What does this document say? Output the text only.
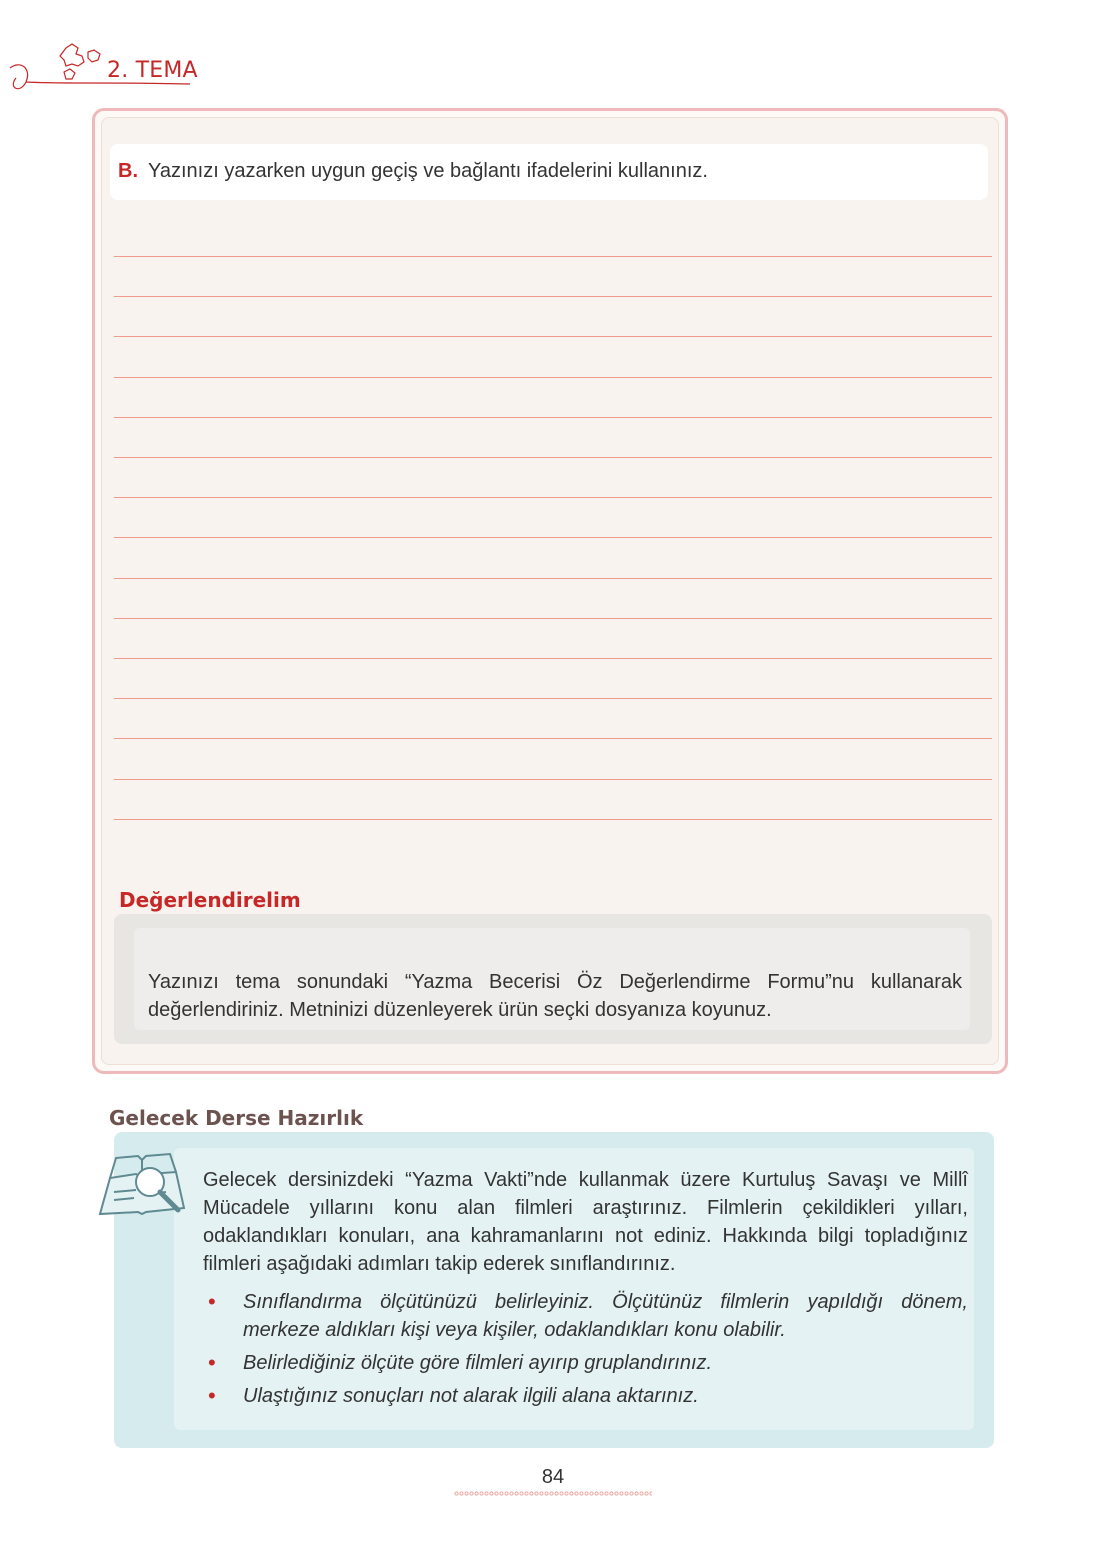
2. TEMA
B. Yazınızı yazarken uygun geçiş ve bağlantı ifadelerini kullanınız.
Değerlendirelim
Yazınızı tema sonundaki “Yazma Becerisi Öz Değerlendirme Formu”nu kullanarak değerlendiriniz. Metninizi düzenleyerek ürün seçki dosyanıza koyunuz.
Gelecek Derse Hazırlık
Gelecek dersinizdeki “Yazma Vakti”nde kullanmak üzere Kurtuluş Savaşı ve Millî Mücadele yıllarını konu alan filmleri araştırınız. Filmlerin çekildikleri yılları, odaklandıkları konuları, ana kahramanlarını not ediniz. Hakkında bilgi topladığınız filmleri aşağıdaki adımları takip ederek sınıflandırınız.
• Sınıflandırma ölçütünüzü belirleyiniz. Ölçütünüz filmlerin yapıldığı dönem, merkeze aldıkları kişi veya kişiler, odaklandıkları konu olabilir.
• Belirlediğiniz ölçüte göre filmleri ayırıp gruplandırınız.
• Ulaştığınız sonuçları not alarak ilgili alana aktarınız.
84
